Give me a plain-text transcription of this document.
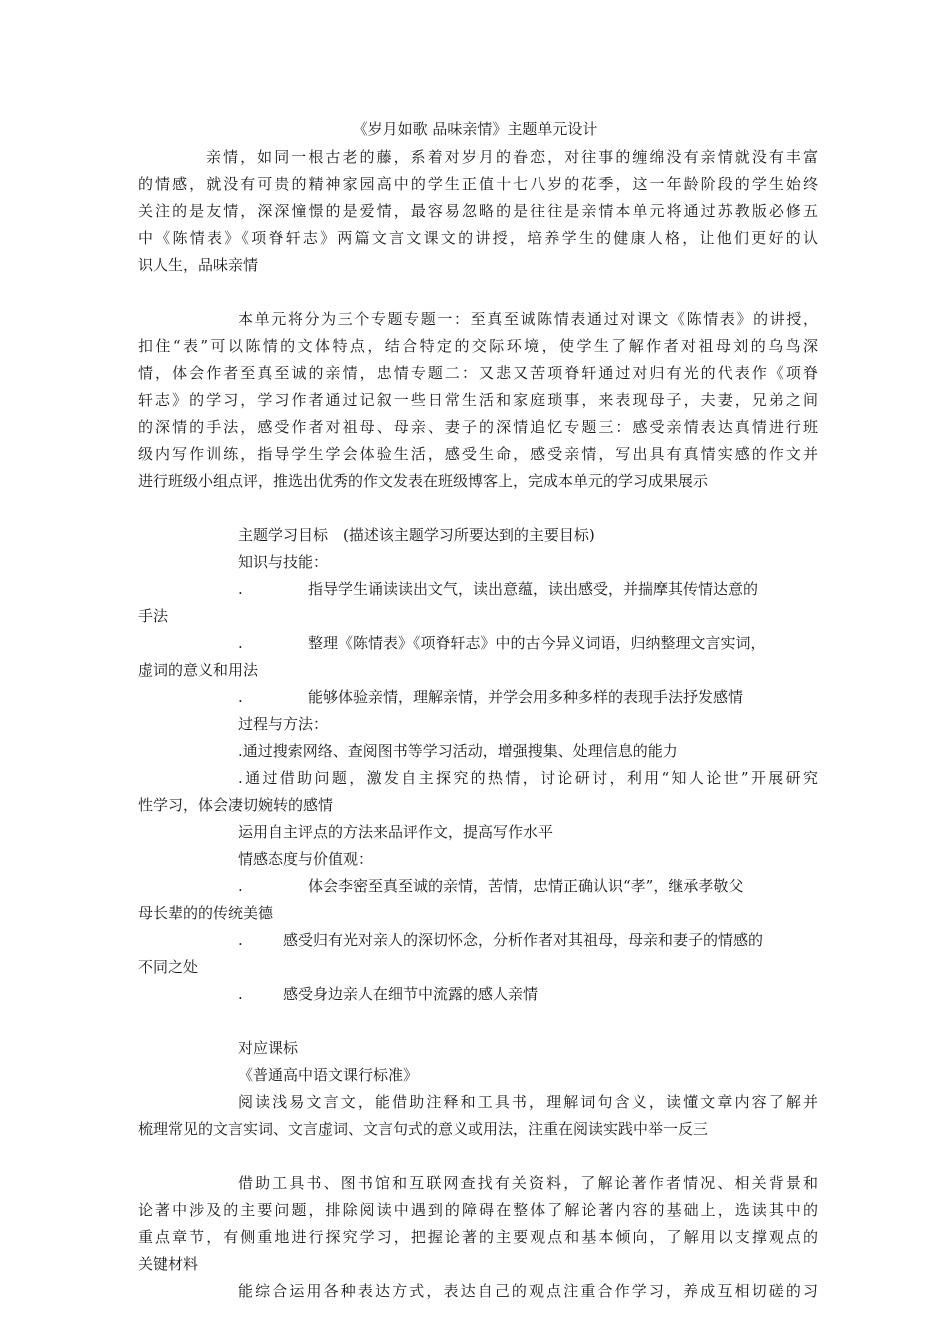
《岁月如歌 品味亲情》主题单元设计
亲情，如同一根古老的藤，系着对岁月的眷恋，对往事的缠绵没有亲情就没有丰富
的情感，就没有可贵的精神家园高中的学生正值十七八岁的花季，这一年龄阶段的学生始终
关注的是友情，深深憧憬的是爱情，最容易忽略的是往往是亲情本单元将通过苏教版必修五
中《陈情表》《项脊轩志》两篇文言文课文的讲授，培养学生的健康人格，让他们更好的认
识人生，品味亲情
本单元将分为三个专题专题一：至真至诚陈情表通过对课文《陈情表》的讲授，
扣住“表”可以陈情的文体特点，结合特定的交际环境，使学生了解作者对祖母刘的乌鸟深
情，体会作者至真至诚的亲情，忠情专题二：又悲又苦项脊轩通过对归有光的代表作《项脊
轩志》的学习，学习作者通过记叙一些日常生活和家庭琐事，来表现母子，夫妻，兄弟之间
的深情的手法，感受作者对祖母、母亲、妻子的深情追忆专题三：感受亲情表达真情进行班
级内写作训练，指导学生学会体验生活，感受生命，感受亲情，写出具有真情实感的作文并
进行班级小组点评，推选出优秀的作文发表在班级博客上，完成本单元的学习成果展示
主题学习目标　(描述该主题学习所要达到的主要目标)
知识与技能：
.	指导学生诵读读出文气，读出意蕴，读出感受，并揣摩其传情达意的
手法
.	整理《陈情表》《项脊轩志》中的古今异义词语，归纳整理文言实词，
虚词的意义和用法
.	能够体验亲情，理解亲情，并学会用多种多样的表现手法抒发感情
过程与方法：
.通过搜索网络、查阅图书等学习活动，增强搜集、处理信息的能力
.通过借助问题，激发自主探究的热情，讨论研讨，利用“知人论世”开展研究
性学习，体会凄切婉转的感情
运用自主评点的方法来品评作文，提高写作水平
情感态度与价值观：
.	体会李密至真至诚的亲情，苦情，忠情正确认识“孝”，继承孝敬父
母长辈的的传统美德
.	感受归有光对亲人的深切怀念，分析作者对其祖母，母亲和妻子的情感的
不同之处
.	感受身边亲人在细节中流露的感人亲情
对应课标
《普通高中语文课行标准》
阅读浅易文言文，能借助注释和工具书，理解词句含义，读懂文章内容了解并
梳理常见的文言实词、文言虚词、文言句式的意义或用法，注重在阅读实践中举一反三
借助工具书、图书馆和互联网查找有关资料，了解论著作者情况、相关背景和
论著中涉及的主要问题，排除阅读中遇到的障碍在整体了解论著内容的基础上，选读其中的
重点章节，有侧重地进行探究学习，把握论著的主要观点和基本倾向，了解用以支撑观点的
关键材料
能综合运用各种表达方式，表达自己的观点注重合作学习，养成互相切磋的习
